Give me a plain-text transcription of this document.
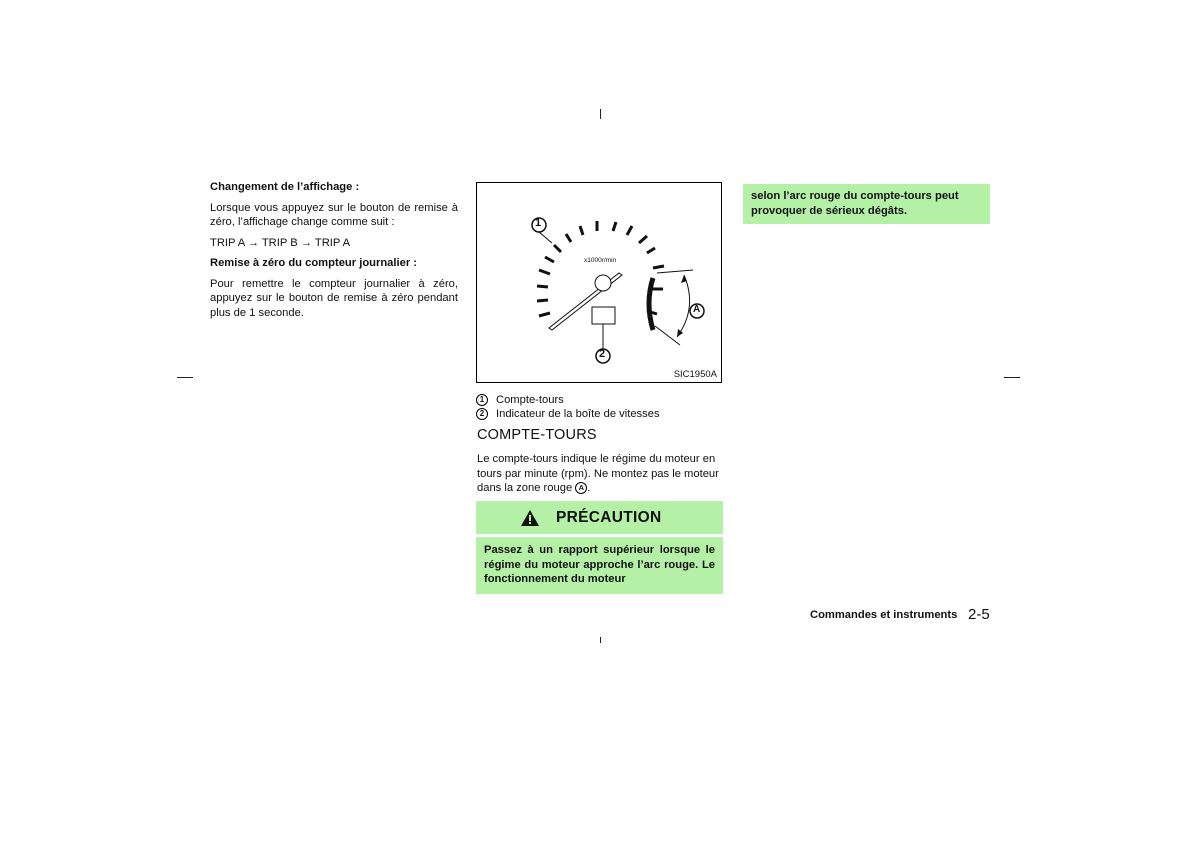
Changement de l’affichage :

Lorsque vous appuyez sur le bouton de remise à zéro, l’affichage change comme suit :

TRIP A → TRIP B → TRIP A

Remise à zéro du compteur journalier :

Pour remettre le compteur journalier à zéro, appuyez sur le bouton de remise à zéro pendant plus de 1 seconde.

1
2
A
x1000r/min
SIC1950A
1	Compte-tours
2	Indicateur de la boîte de vitesses
COMPTE-TOURS
Le compte-tours indique le régime du moteur en tours par minute (rpm). Ne montez pas le moteur dans la zone rouge A .
PRÉCAUTION
Passez à un rapport supérieur lorsque le régime du moteur approche l’arc rouge. Le fonctionnement du moteur
selon l’arc rouge du compte-tours peut provoquer de sérieux dégâts.
Commandes et instruments 2-5
